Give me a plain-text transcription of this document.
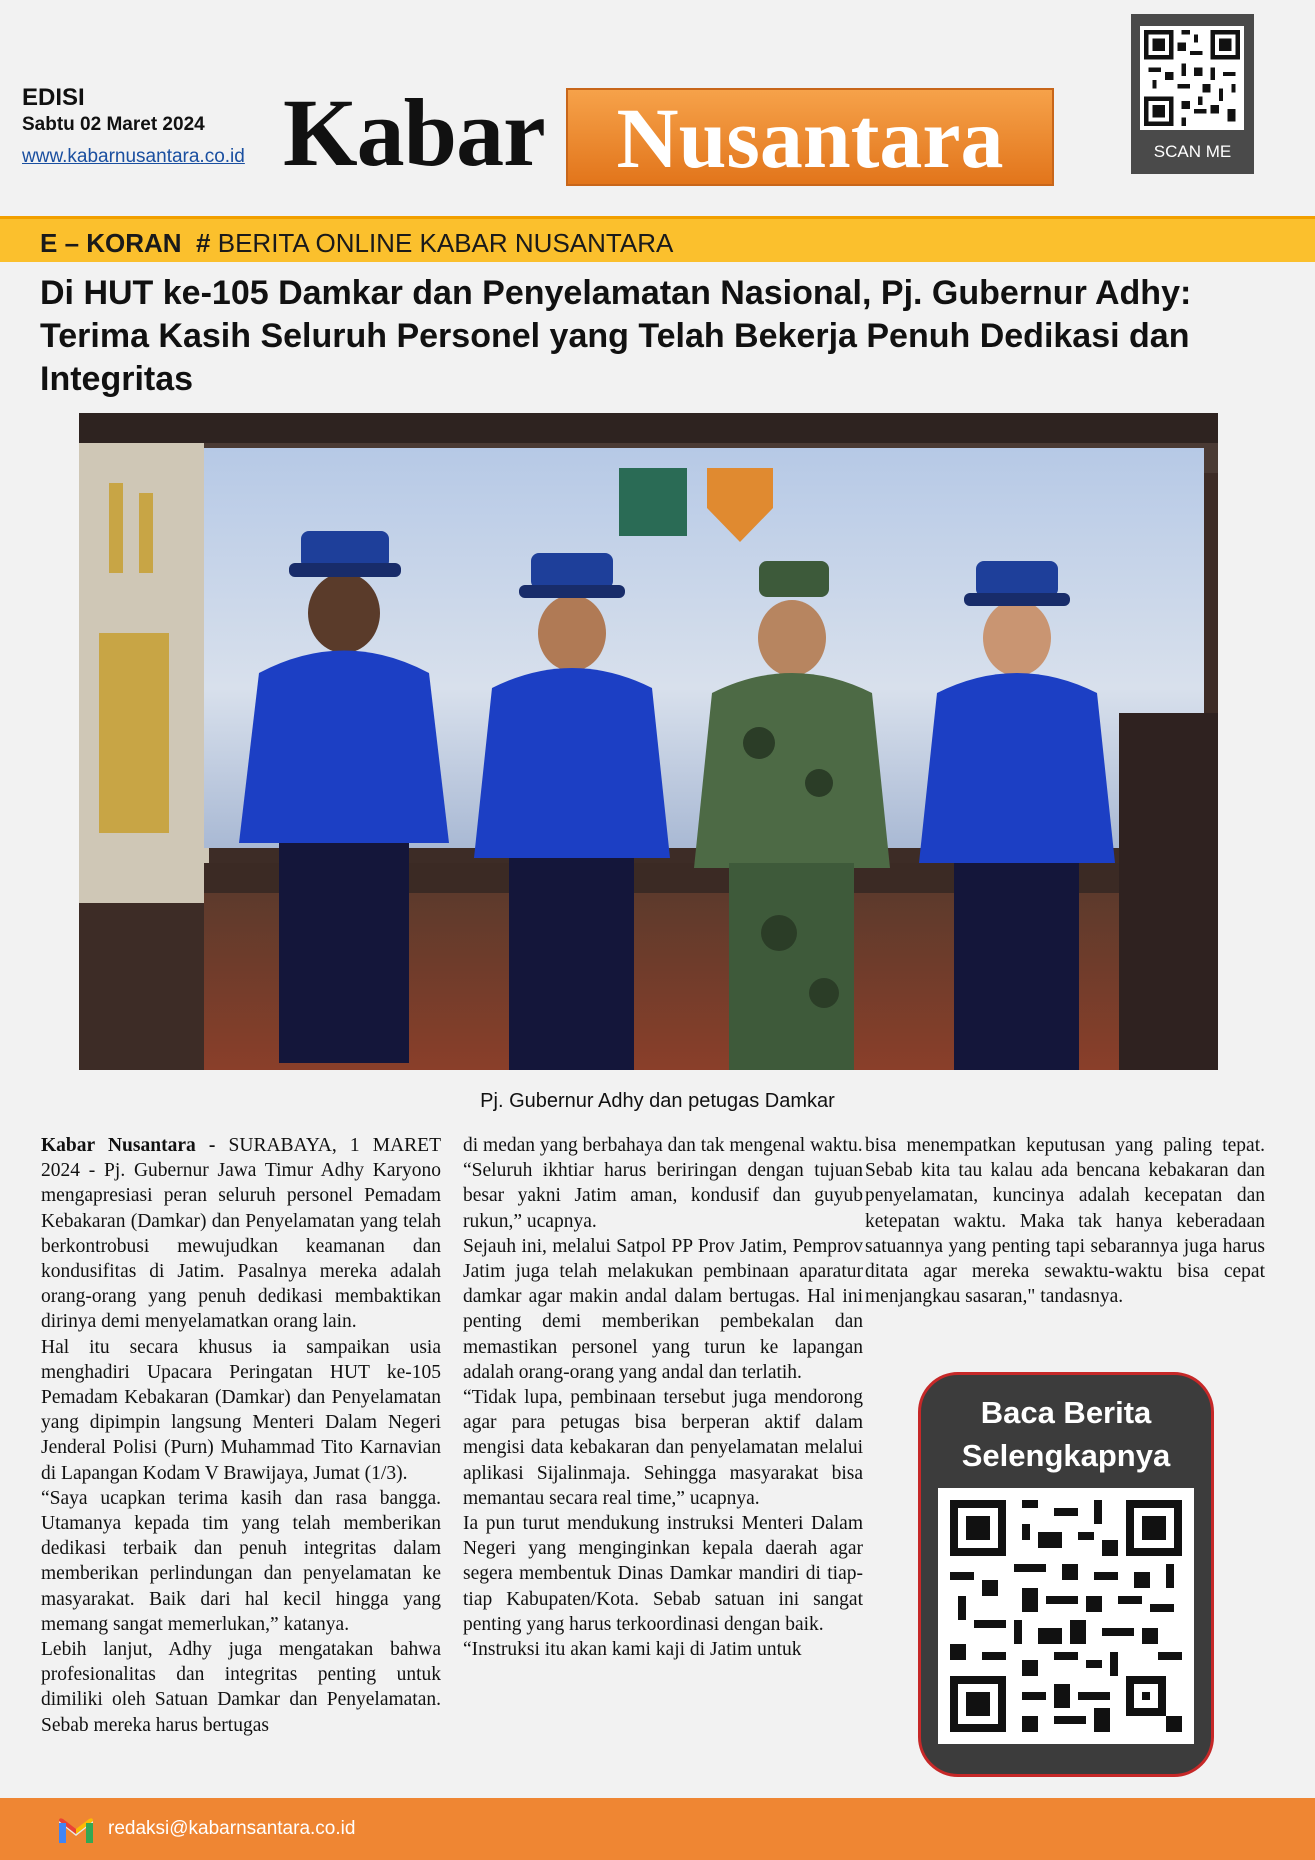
EDISI
Sabtu 02 Maret 2024
www.kabarnusantara.co.id Kabar Nusantara	SCAN ME
E – KORAN # BERITA ONLINE KABAR NUSANTARA
Di HUT ke-105 Damkar dan Penyelamatan Nasional, Pj. Gubernur Adhy: Terima Kasih Seluruh Personel yang Telah Bekerja Penuh Dedikasi dan Integritas
Pj. Gubernur Adhy dan petugas Damkar

Kabar Nusantara - SURABAYA, 1 MARET 2024 - Pj. Gubernur Jawa Timur Adhy Karyono mengapresiasi peran seluruh personel Pemadam Kebakaran (Damkar) dan Penyelamatan yang telah berkontrobusi mewujudkan keamanan dan kondusifitas di Jatim. Pasalnya mereka adalah orang-orang yang penuh dedikasi membaktikan dirinya demi menyelamatkan orang lain.

Hal itu secara khusus ia sampaikan usia menghadiri Upacara Peringatan HUT ke-105 Pemadam Kebakaran (Damkar) dan Penyelamatan yang dipimpin langsung Menteri Dalam Negeri Jenderal Polisi (Purn) Muhammad Tito Karnavian di Lapangan Kodam V Brawijaya, Jumat (1/3).

“Saya ucapkan terima kasih dan rasa bangga. Utamanya kepada tim yang telah memberikan dedikasi terbaik dan penuh integritas dalam memberikan perlindungan dan penyelamatan ke masyarakat. Baik dari hal kecil hingga yang memang sangat memerlukan,” katanya.

Lebih lanjut, Adhy juga mengatakan bahwa profesionalitas dan integritas penting untuk dimiliki oleh Satuan Damkar dan Penyelamatan. Sebab mereka harus bertugas

di medan yang berbahaya dan tak mengenal waktu.

“Seluruh ikhtiar harus beriringan dengan tujuan besar yakni Jatim aman, kondusif dan guyub rukun,” ucapnya.

Sejauh ini, melalui Satpol PP Prov Jatim, Pemprov Jatim juga telah melakukan pembinaan aparatur damkar agar makin andal dalam bertugas. Hal ini penting demi memberikan pembekalan dan memastikan personel yang turun ke lapangan adalah orang-orang yang andal dan terlatih.

“Tidak lupa, pembinaan tersebut juga mendorong agar para petugas bisa berperan aktif dalam mengisi data kebakaran dan penyelamatan melalui aplikasi Sijalinmaja. Sehingga masyarakat bisa memantau secara real time,” ucapnya.

Ia pun turut mendukung instruksi Menteri Dalam Negeri yang menginginkan kepala daerah agar segera membentuk Dinas Damkar mandiri di tiap-tiap Kabupaten/Kota. Sebab satuan ini sangat penting yang harus terkoordinasi dengan baik.

“Instruksi itu akan kami kaji di Jatim untuk

bisa menempatkan keputusan yang paling tepat. Sebab kita tau kalau ada bencana kebakaran dan penyelamatan, kuncinya adalah kecepatan dan ketepatan waktu. Maka tak hanya keberadaan satuannya yang penting tapi sebarannya juga harus ditata agar mereka sewaktu-waktu bisa cepat menjangkau sasaran," tandasnya.

Baca Berita
Selengkapnya
redaksi@kabarnsantara.co.id
